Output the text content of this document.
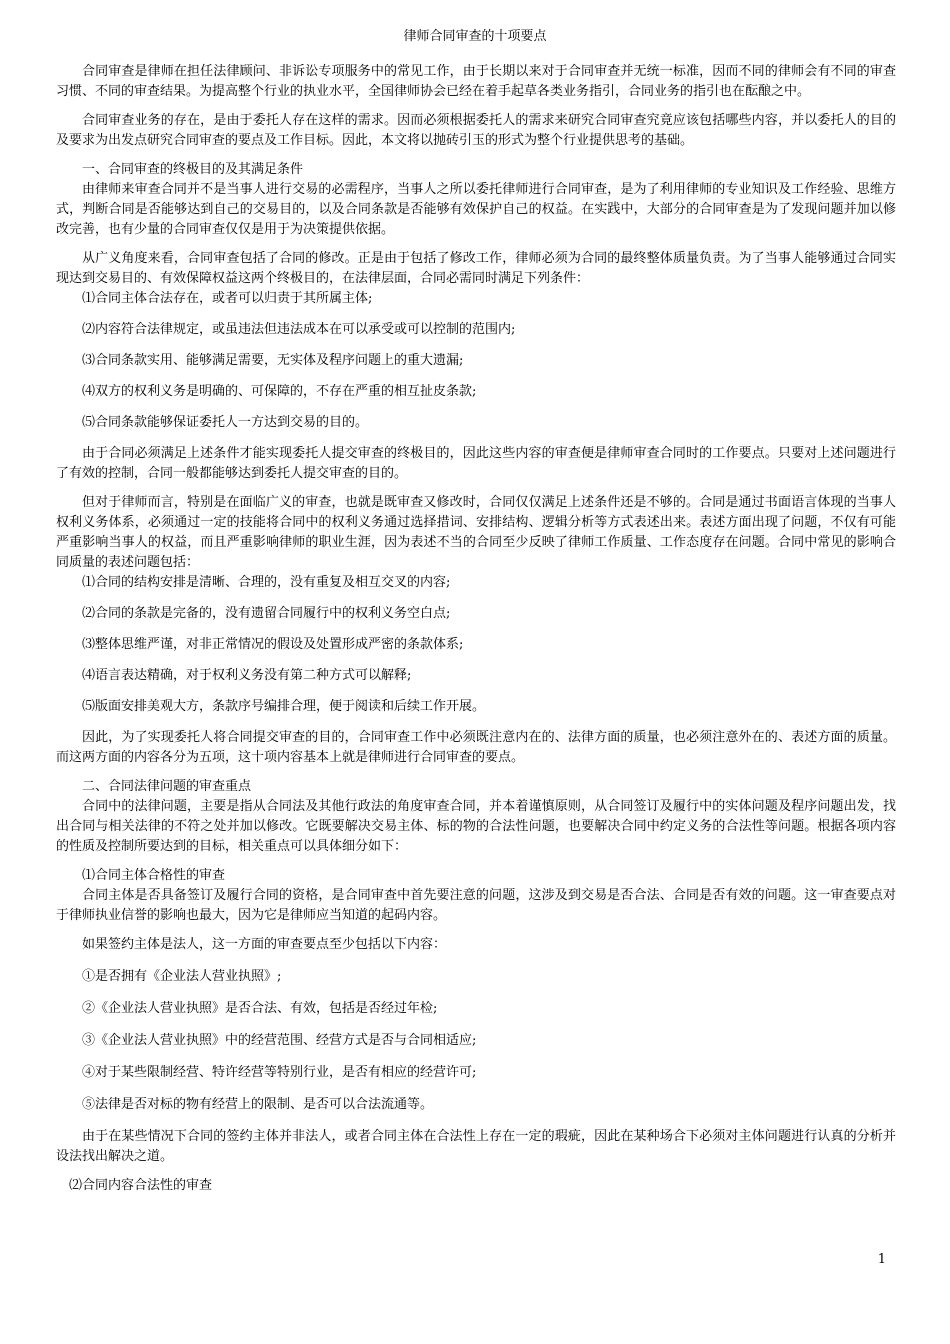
律师合同审查的十项要点
合同审查是律师在担任法律顾问、非诉讼专项服务中的常见工作，由于长期以来对于合同审查并无统一标准，因而不同的律师会有不同的审查习惯、不同的审查结果。为提高整个行业的执业水平，全国律师协会已经在着手起草各类业务指引，合同业务的指引也在酝酿之中。
合同审查业务的存在，是由于委托人存在这样的需求。因而必须根据委托人的需求来研究合同审查究竟应该包括哪些内容，并以委托人的目的及要求为出发点研究合同审查的要点及工作目标。因此，本文将以抛砖引玉的形式为整个行业提供思考的基础。
一、合同审查的终极目的及其满足条件
由律师来审查合同并不是当事人进行交易的必需程序，当事人之所以委托律师进行合同审查，是为了利用律师的专业知识及工作经验、思维方式，判断合同是否能够达到自己的交易目的，以及合同条款是否能够有效保护自己的权益。在实践中，大部分的合同审查是为了发现问题并加以修改完善，也有少量的合同审查仅仅是用于为决策提供依据。
从广义角度来看，合同审查包括了合同的修改。正是由于包括了修改工作，律师必须为合同的最终整体质量负责。为了当事人能够通过合同实现达到交易目的、有效保障权益这两个终极目的，在法律层面，合同必需同时满足下列条件：
⑴合同主体合法存在，或者可以归责于其所属主体;
⑵内容符合法律规定，或虽违法但违法成本在可以承受或可以控制的范围内;
⑶合同条款实用、能够满足需要，无实体及程序问题上的重大遗漏;
⑷双方的权利义务是明确的、可保障的，不存在严重的相互扯皮条款;
⑸合同条款能够保证委托人一方达到交易的目的。
由于合同必须满足上述条件才能实现委托人提交审查的终极目的，因此这些内容的审查便是律师审查合同时的工作要点。只要对上述问题进行了有效的控制，合同一般都能够达到委托人提交审查的目的。
但对于律师而言，特别是在面临广义的审查，也就是既审查又修改时，合同仅仅满足上述条件还是不够的。合同是通过书面语言体现的当事人权利义务体系，必须通过一定的技能将合同中的权利义务通过选择措词、安排结构、逻辑分析等方式表述出来。表述方面出现了问题，不仅有可能严重影响当事人的权益，而且严重影响律师的职业生涯，因为表述不当的合同至少反映了律师工作质量、工作态度存在问题。合同中常见的影响合同质量的表述问题包括：
⑴合同的结构安排是清晰、合理的，没有重复及相互交叉的内容;
⑵合同的条款是完备的，没有遗留合同履行中的权利义务空白点;
⑶整体思维严谨，对非正常情况的假设及处置形成严密的条款体系;
⑷语言表达精确，对于权利义务没有第二种方式可以解释;
⑸版面安排美观大方，条款序号编排合理，便于阅读和后续工作开展。
因此，为了实现委托人将合同提交审查的目的，合同审查工作中必须既注意内在的、法律方面的质量，也必须注意外在的、表述方面的质量。而这两方面的内容各分为五项，这十项内容基本上就是律师进行合同审查的要点。
二、合同法律问题的审查重点
合同中的法律问题，主要是指从合同法及其他行政法的角度审查合同，并本着谨慎原则，从合同签订及履行中的实体问题及程序问题出发，找出合同与相关法律的不符之处并加以修改。它既要解决交易主体、标的物的合法性问题，也要解决合同中约定义务的合法性等问题。根据各项内容的性质及控制所要达到的目标，相关重点可以具体细分如下：
⑴合同主体合格性的审查
合同主体是否具备签订及履行合同的资格，是合同审查中首先要注意的问题，这涉及到交易是否合法、合同是否有效的问题。这一审查要点对于律师执业信誉的影响也最大，因为它是律师应当知道的起码内容。
如果签约主体是法人，这一方面的审查要点至少包括以下内容：
①是否拥有《企业法人营业执照》;
②《企业法人营业执照》是否合法、有效，包括是否经过年检;
③《企业法人营业执照》中的经营范围、经营方式是否与合同相适应;
④对于某些限制经营、特许经营等特别行业，是否有相应的经营许可;
⑤法律是否对标的物有经营上的限制、是否可以合法流通等。
由于在某些情况下合同的签约主体并非法人，或者合同主体在合法性上存在一定的瑕疵，因此在某种场合下必须对主体问题进行认真的分析并设法找出解决之道。
⑵合同内容合法性的审查
1
